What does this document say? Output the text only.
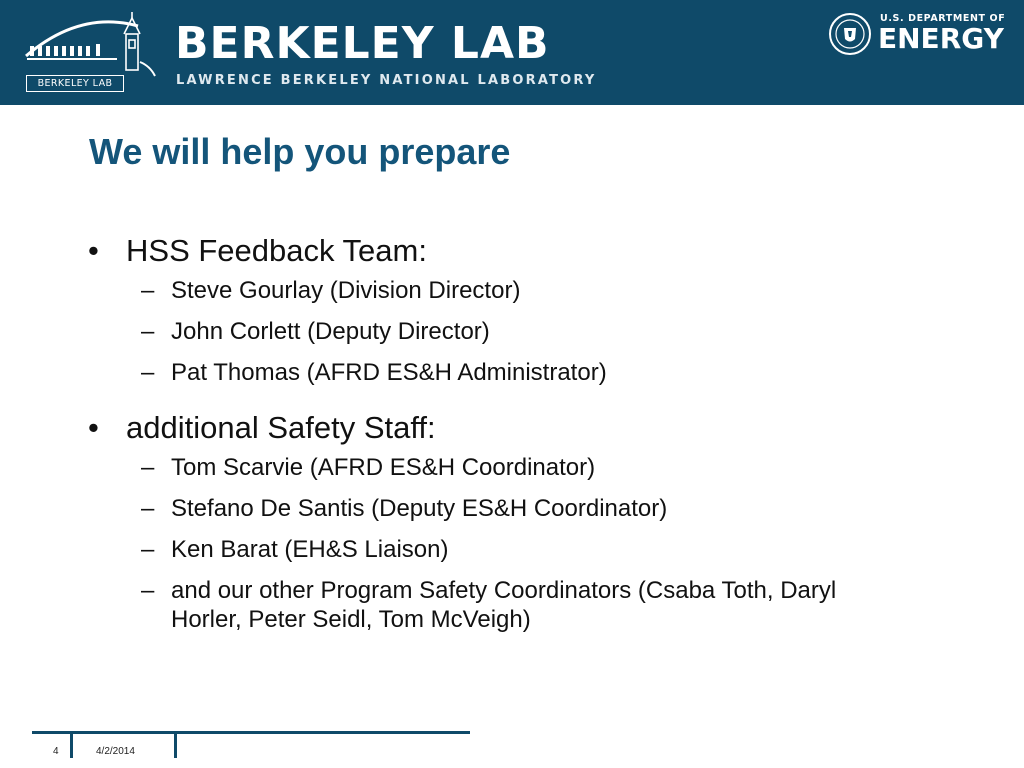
BERKELEY LAB
BERKELEY LAB
LAWRENCE BERKELEY NATIONAL LABORATORY
U.S. DEPARTMENT OF
ENERGY
We will help you prepare
• HSS Feedback Team:
– Steve Gourlay (Division Director)
– John Corlett (Deputy Director)
– Pat Thomas (AFRD ES&H Administrator)
• additional Safety Staff:
– Tom Scarvie (AFRD ES&H Coordinator)
– Stefano De Santis (Deputy ES&H Coordinator)
– Ken Barat (EH&S Liaison)
– and our other Program Safety Coordinators (Csaba Toth, Daryl Horler, Peter Seidl, Tom McVeigh)
4	4/2/2014
